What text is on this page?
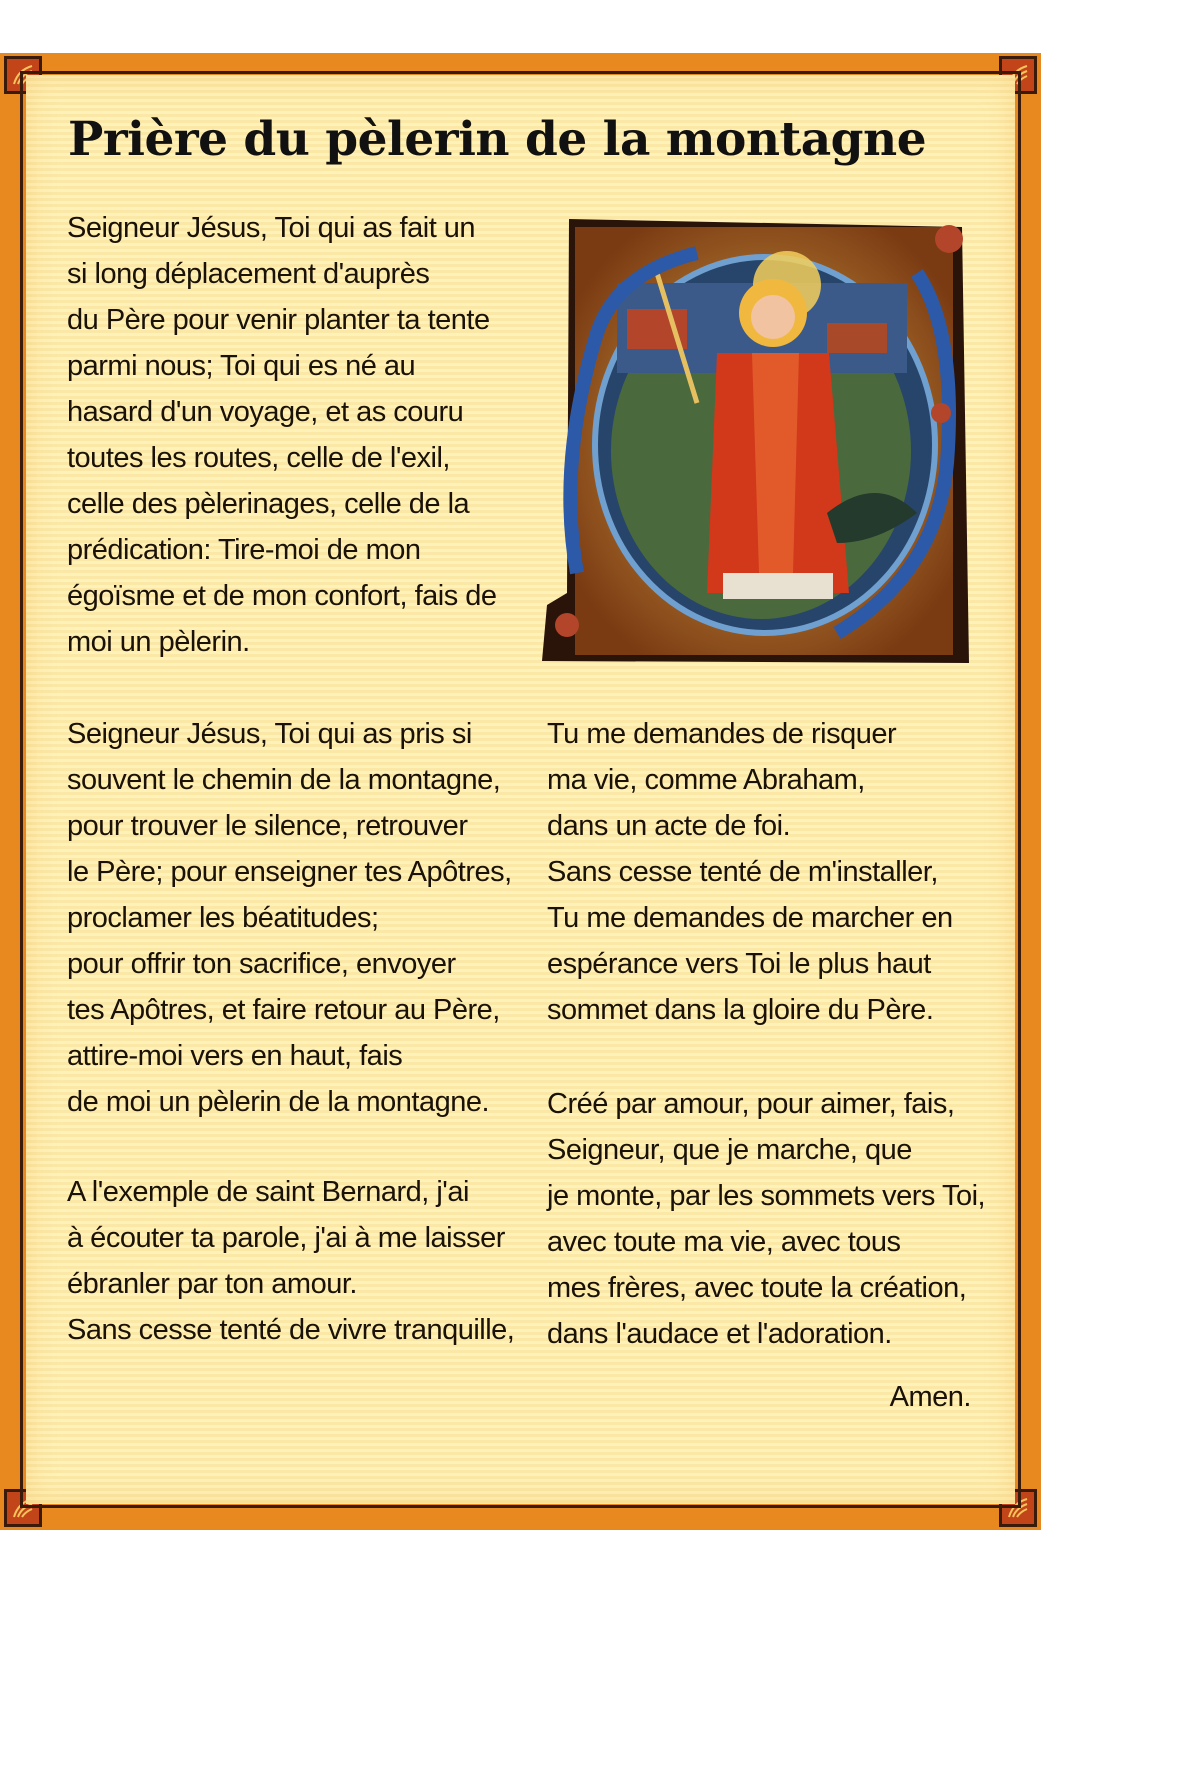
Prière du pèlerin de la montagne
Seigneur Jésus, Toi qui as fait un
si long déplacement d'auprès
du Père pour venir planter ta tente
parmi nous; Toi qui es né au
hasard d'un voyage, et as couru
toutes les routes, celle de l'exil,
celle des pèlerinages, celle de la
prédication: Tire-moi de mon
égoïsme et de mon confort, fais de
moi un pèlerin.
Seigneur Jésus, Toi qui as pris si
souvent le chemin de la montagne,
pour trouver le silence, retrouver
le Père; pour enseigner tes Apôtres,
proclamer les béatitudes;
pour offrir ton sacrifice, envoyer
tes Apôtres, et faire retour au Père,
attire-moi vers en haut, fais
de moi un pèlerin de la montagne.
A l'exemple de saint Bernard, j'ai
à écouter ta parole, j'ai à me laisser
ébranler par ton amour.
Sans cesse tenté de vivre tranquille,
Tu me demandes de risquer
ma vie, comme Abraham,
dans un acte de foi.
Sans cesse tenté de m'installer,
Tu me demandes de marcher en
espérance vers Toi le plus haut
sommet dans la gloire du Père.
Créé par amour, pour aimer, fais,
Seigneur, que je marche, que
je monte, par les sommets vers Toi,
avec toute ma vie, avec tous
mes frères, avec toute la création,
dans l'audace et l'adoration.
Amen.
